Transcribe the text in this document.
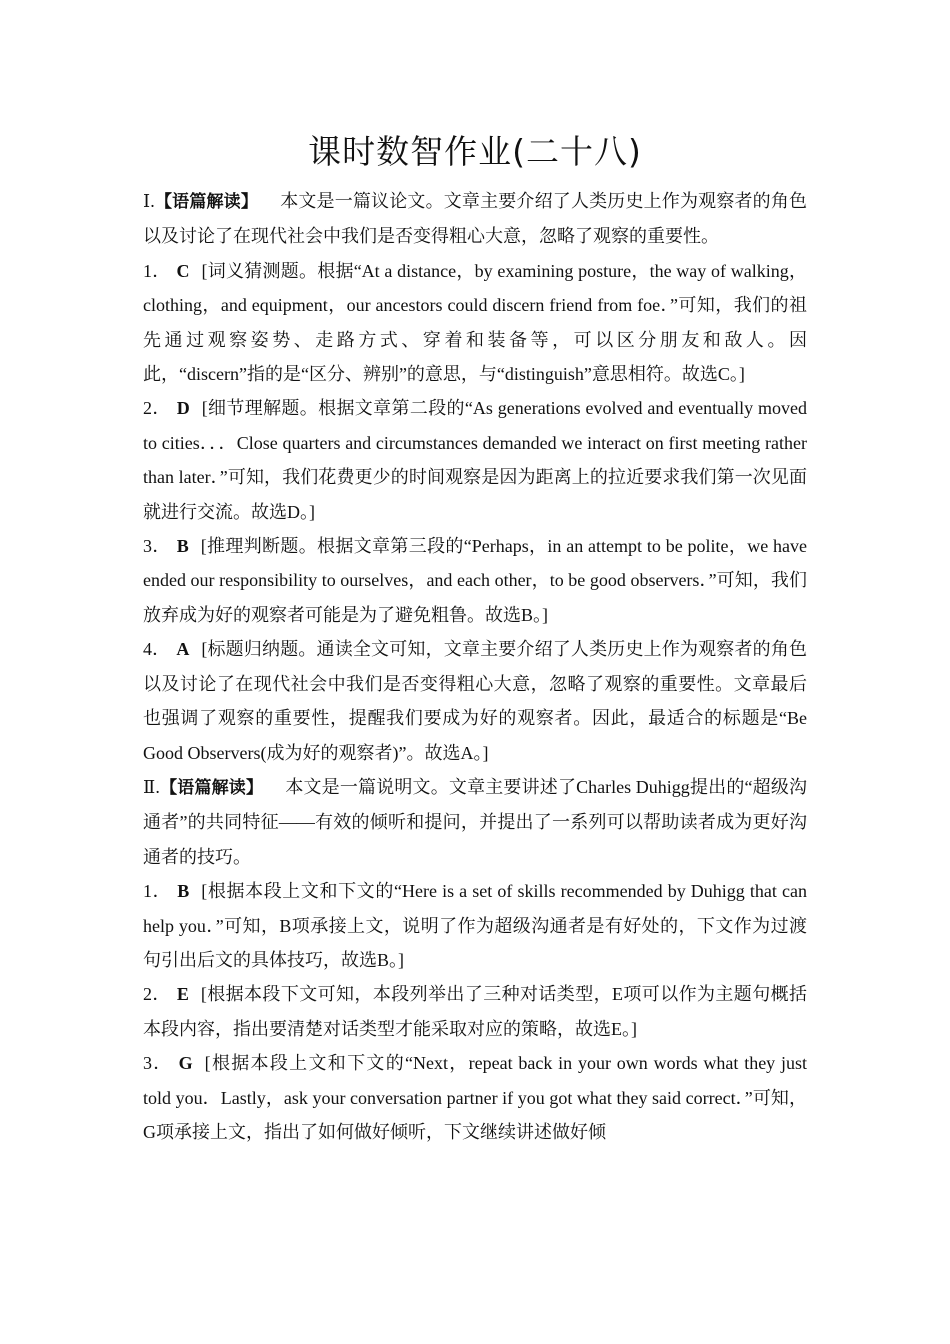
课时数智作业(二十八)

Ⅰ.【语篇解读】 本文是一篇议论文。文章主要介绍了人类历史上作为观察者的角色以及讨论了在现代社会中我们是否变得粗心大意，忽略了观察的重要性。

1． C [词义猜测题。根据“At a distance，by examining posture，the way of walking，clothing，and equipment，our ancestors could discern friend from foe．”可知，我们的祖先通过观察姿势、走路方式、穿着和装备等，可以区分朋友和敌人。因此，“discern”指的是“区分、辨别”的意思，与“distinguish”意思相符。故选C。]

2． D [细节理解题。根据文章第二段的“As generations evolved and eventually moved to cities．．．Close quarters and circumstances demanded we interact on first meeting rather than later．”可知，我们花费更少的时间观察是因为距离上的拉近要求我们第一次见面就进行交流。故选D。]

3． B [推理判断题。根据文章第三段的“Perhaps，in an attempt to be polite，we have ended our responsibility to ourselves，and each other，to be good observers．”可知，我们放弃成为好的观察者可能是为了避免粗鲁。故选B。]

4． A [标题归纳题。通读全文可知，文章主要介绍了人类历史上作为观察者的角色以及讨论了在现代社会中我们是否变得粗心大意，忽略了观察的重要性。文章最后也强调了观察的重要性，提醒我们要成为好的观察者。因此，最适合的标题是“Be Good Observers(成为好的观察者)”。故选A。]

Ⅱ.【语篇解读】 本文是一篇说明文。文章主要讲述了Charles Duhigg提出的“超级沟通者”的共同特征——有效的倾听和提问，并提出了一系列可以帮助读者成为更好沟通者的技巧。

1． B [根据本段上文和下文的“Here is a set of skills recommended by Duhigg that can help you．”可知，B项承接上文，说明了作为超级沟通者是有好处的，下文作为过渡句引出后文的具体技巧，故选B。]

2． E [根据本段下文可知，本段列举出了三种对话类型，E项可以作为主题句概括本段内容，指出要清楚对话类型才能采取对应的策略，故选E。]

3． G [根据本段上文和下文的“Next，repeat back in your own words what they just told you．Lastly，ask your conversation partner if you got what they said correct．”可知，G项承接上文，指出了如何做好倾听，下文继续讲述做好倾
